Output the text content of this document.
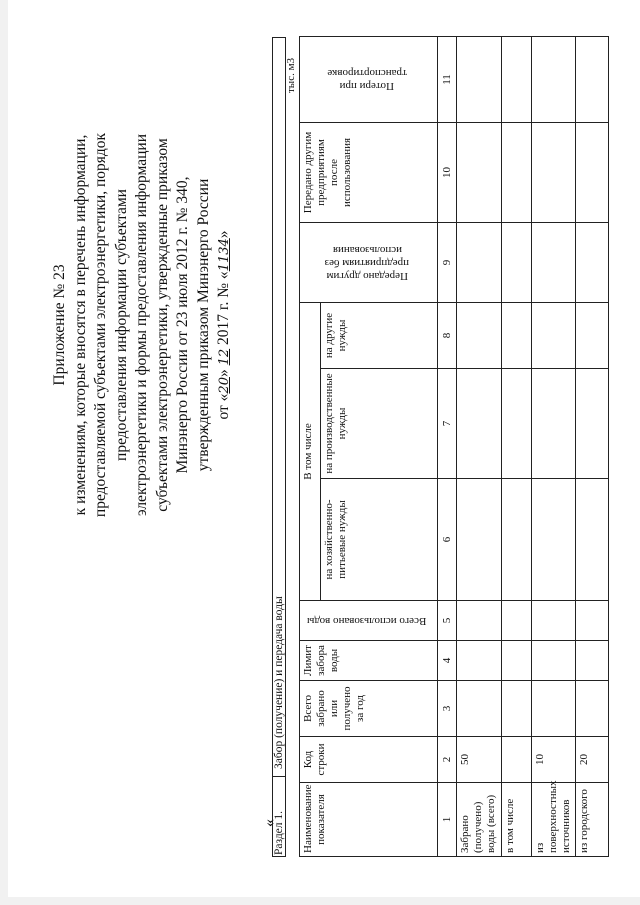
Приложение № 23 к изменениям, которые вносятся в перечень информации, предоставляемой субъектами электроэнергетики, порядок предоставления информации субъектами электроэнергетики и формы предоставления информации субъектами электроэнергетики, утвержденные приказом Минэнерго России от 23 июля 2012 г. № 340, утвержденным приказом Минэнерго России от «20» 12 2017 г. № «1134»
«
Раздел 1.
Забор (получение) и передача воды
тыс. м3
Наименование показателя	Код строки	Всего забрано или получено за год	Лимит забора воды	Всего использовано воды	В том числе			Передано другим предприятиям без использования	Передано другим предприятиям после использования	Потери при транспортировке
					на хозяйственно-питьевые нужды	на производственные нужды	на другие нужды			
1	2	3	4	5	6	7	8	9	10	11
Забрано (получено) воды (всего)	50									
в том числе										
из поверхностных источников	10									
из городского	20									
